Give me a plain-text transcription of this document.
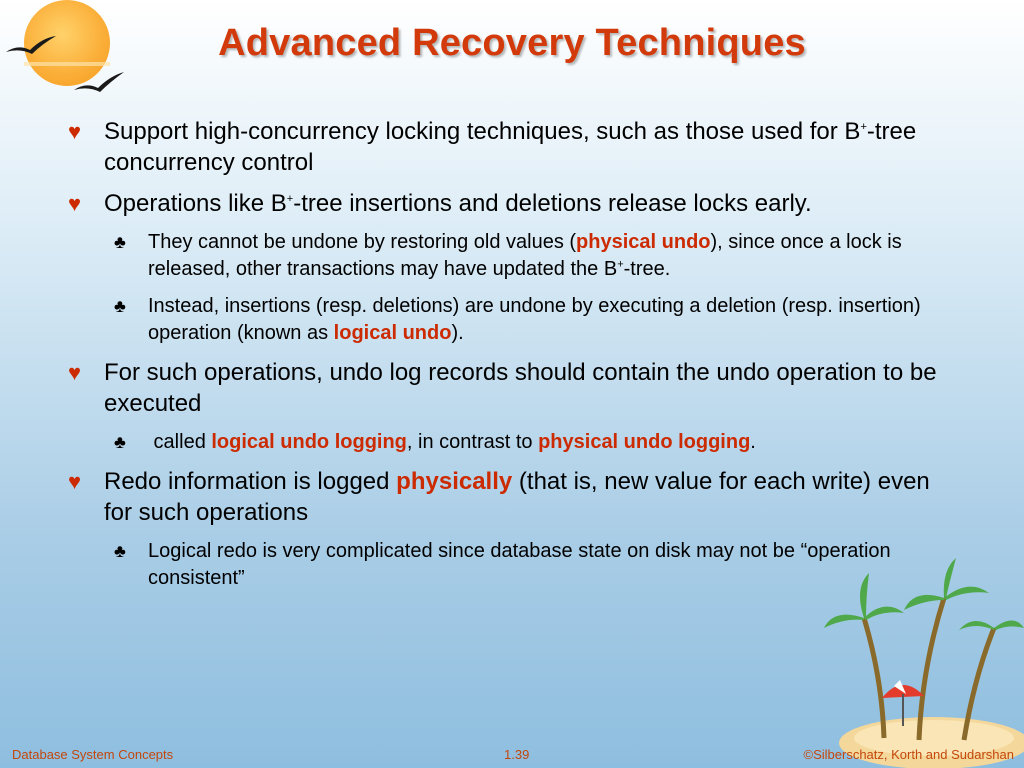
Advanced Recovery Techniques
♥ Support high-concurrency locking techniques, such as those used for B+-tree concurrency control
♥ Operations like B+-tree insertions and deletions release locks early.
♣ They cannot be undone by restoring old values (physical undo), since once a lock is released, other transactions may have updated the B+-tree.
♣ Instead, insertions (resp. deletions) are undone by executing a deletion (resp. insertion) operation (known as logical undo).
♥ For such operations, undo log records should contain the undo operation to be executed
♣ called logical undo logging, in contrast to physical undo logging.
♥ Redo information is logged physically (that is, new value for each write) even for such operations
♣ Logical redo is very complicated since database state on disk may not be “operation consistent”
Database System Concepts	1.39	©Silberschatz, Korth and Sudarshan
